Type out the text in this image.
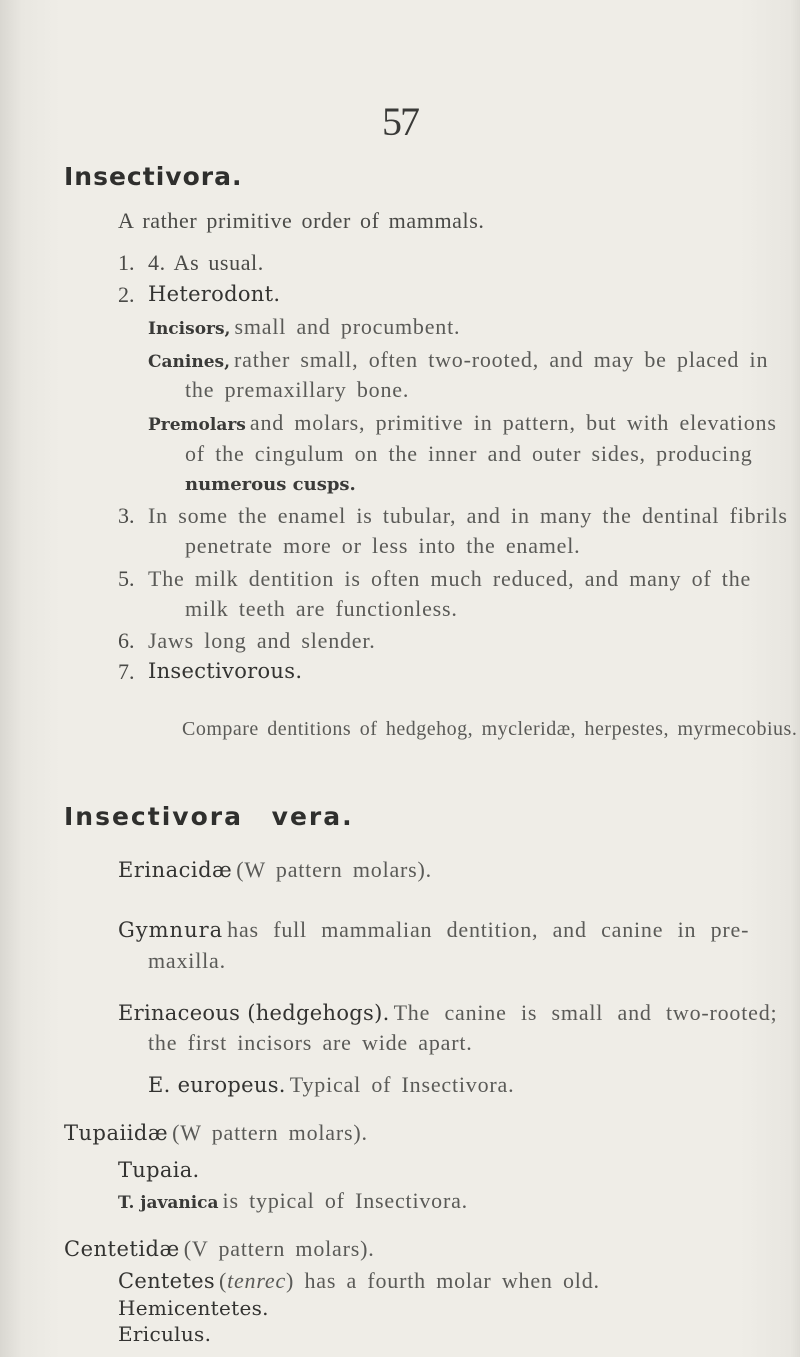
57
Insectivora.
A rather primitive order of mammals.
1. 4. As usual.
2. Heterodont.
Incisors, small and procumbent.
Canines, rather small, often two-rooted, and may be placed in
the premaxillary bone.
Premolars and molars, primitive in pattern, but with elevations
of the cingulum on the inner and outer sides, producing
numerous cusps.
3. In some the enamel is tubular, and in many the dentinal fibrils
penetrate more or less into the enamel.
5. The milk dentition is often much reduced, and many of the
milk teeth are functionless.
6. Jaws long and slender.
7. Insectivorous.
Compare dentitions of hedgehog, mycleridæ, herpestes, myrmecobius.
Insectivora vera.
Erinacidæ (W pattern molars).
Gymnura has full mammalian dentition, and canine in pre-
maxilla.
Erinaceous (hedgehogs). The canine is small and two-rooted;
the first incisors are wide apart.
E. europeus. Typical of Insectivora.
Tupaiidæ (W pattern molars).
Tupaia.
T. javanica is typical of Insectivora.
Centetidæ (V pattern molars).
Centetes (tenrec) has a fourth molar when old.
Hemicentetes.
Ericulus.
